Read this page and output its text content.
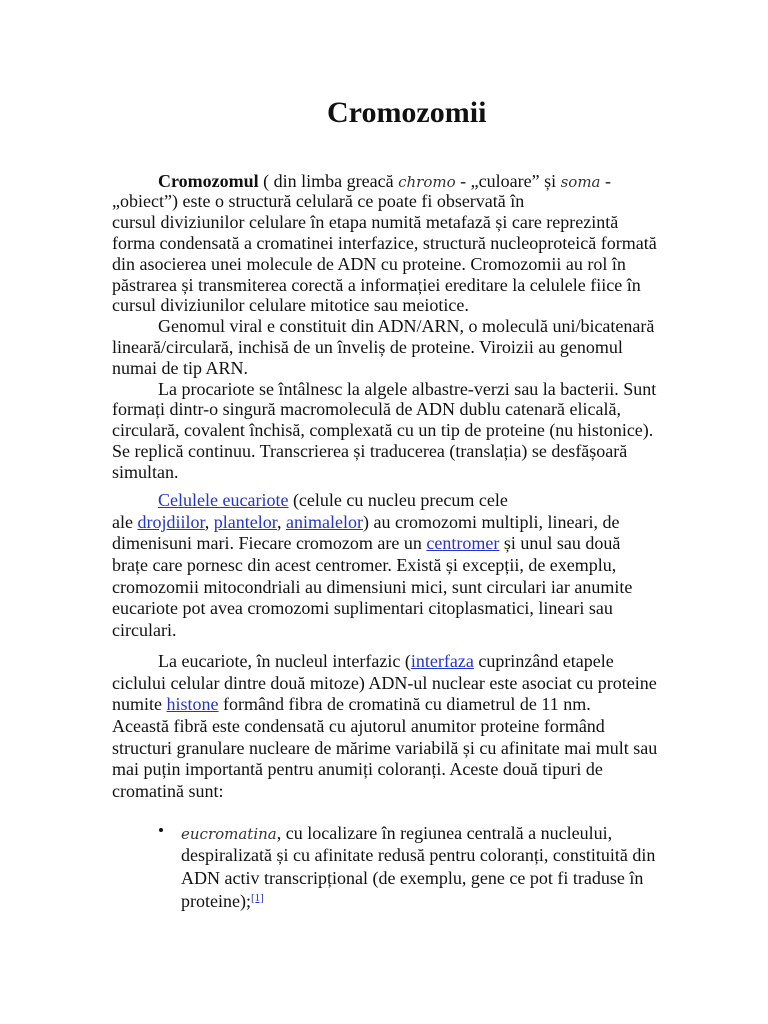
Cromozomii
Cromozomul ( din limba greacă chromo - „culoare” și soma -
„obiect”) este o structură celulară ce poate fi observată în
cursul diviziunilor celulare în etapa numită metafază și care reprezintă
forma condensată a cromatinei interfazice, structură nucleoproteică formată
din asocierea unei molecule de ADN cu proteine. Cromozomii au rol în
păstrarea și transmiterea corectă a informației ereditare la celulele fiice în
cursul diviziunilor celulare mitotice sau meiotice.
Genomul viral e constituit din ADN/ARN, o moleculă uni/bicatenară
lineară/circulară, inchisă de un înveliș de proteine. Viroizii au genomul
numai de tip ARN.
La procariote se întâlnesc la algele albastre-verzi sau la bacterii. Sunt
formați dintr-o singură macromoleculă de ADN dublu catenară elicală,
circulară, covalent închisă, complexată cu un tip de proteine (nu histonice).
Se replică continuu. Transcrierea și traducerea (translația) se desfășoară
simultan.
Celulele eucariote (celule cu nucleu precum cele
ale drojdiilor, plantelor, animalelor) au cromozomi multipli, lineari, de
dimenisuni mari. Fiecare cromozom are un centromer și unul sau două
brațe care pornesc din acest centromer. Există și excepții, de exemplu,
cromozomii mitocondriali au dimensiuni mici, sunt circulari iar anumite
eucariote pot avea cromozomi suplimentari citoplasmatici, lineari sau
circulari.
La eucariote, în nucleul interfazic (interfaza cuprinzând etapele
ciclului celular dintre două mitoze) ADN-ul nuclear este asociat cu proteine
numite histone formând fibra de cromatină cu diametrul de 11 nm.
Această fibră este condensată cu ajutorul anumitor proteine formând
structuri granulare nucleare de mărime variabilă și cu afinitate mai mult sau
mai puțin importantă pentru anumiți coloranți. Aceste două tipuri de
cromatină sunt:
eucromatina, cu localizare în regiunea centrală a nucleului,
despiralizată și cu afinitate redusă pentru coloranți, constituită din
ADN activ transcripțional (de exemplu, gene ce pot fi traduse în
proteine);[1]
